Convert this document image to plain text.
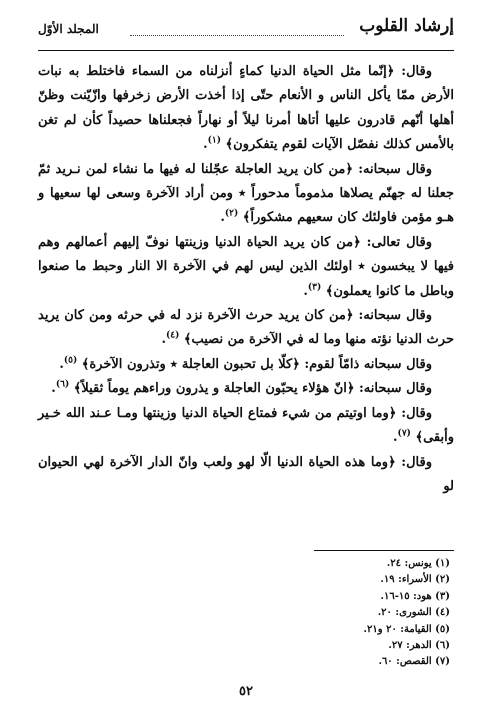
إرشاد القلوب
المجلد الأوّل

وقال: ﴿إنّما مثل الحياة الدنيا كماءٍ أنزلناه من السماء فاختلط به نبات الأرض ممّا يأكل الناس و الأنعام حتّى إذا أخذت الأرض زخرفها وازّيّنت وظنّ أهلها أنّهم قادرون عليها أتاها أمرنا ليلاً أو نهاراً فجعلناها حصيداً كأن لم تغن بالأمس كذلك نفصّل الآيات لقوم يتفكرون﴾ $^{(١)}$.

وقال سبحانه: ﴿من كان يريد العاجلة عجّلنا له فيها ما نشاء لمن نـريد ثمّ جعلنا له جهنّم يصلاها مذموماً مدحوراً ٭ ومن أراد الآخرة وسعى لها سعيها و هـو مؤمن فاولئك كان سعيهم مشكوراً﴾ $^{(٢)}$.

وقال تعالى: ﴿من كان يريد الحياة الدنيا وزينتها نوفّ إليهم أعمالهم وهم فيها لا يبخسون ٭ اولئك الذين ليس لهم في الآخرة الا النار وحبط ما صنعوا وباطل ما كانوا يعملون﴾ $^{(٣)}$.

وقال سبحانه: ﴿من كان يريد حرث الآخرة نزد له في حرثه ومن كان يريد حرث الدنيا نؤته منها وما له في الآخرة من نصيب﴾ $^{(٤)}$.

وقال سبحانه ذامّاً لقوم: ﴿كلّا بل تحبون العاجلة ٭ وتذرون الآخرة﴾ $^{(٥)}$.

وقال سبحانه: ﴿انّ هؤلاء يحبّون العاجلة و يذرون وراءهم يوماً ثقيلاً﴾ $^{(٦)}$.

وقال: ﴿وما اوتيتم من شيء فمتاع الحياة الدنيا وزينتها ومـا عـند الله خـير وأبقى﴾ $^{(٧)}$.

وقال: ﴿وما هذه الحياة الدنيا الّا لهو ولعب وانّ الدار الآخرة لهي الحيوان لو

(١) يونس: ٢٤.
(٢) الأسراء: ١٩.
(٣) هود: ١٥-١٦.
(٤) الشورى: ٢٠.
(٥) القيامة: ٢٠ و٢١.
(٦) الدهر: ٢٧.
(٧) القصص: ٦٠.
٥٢
